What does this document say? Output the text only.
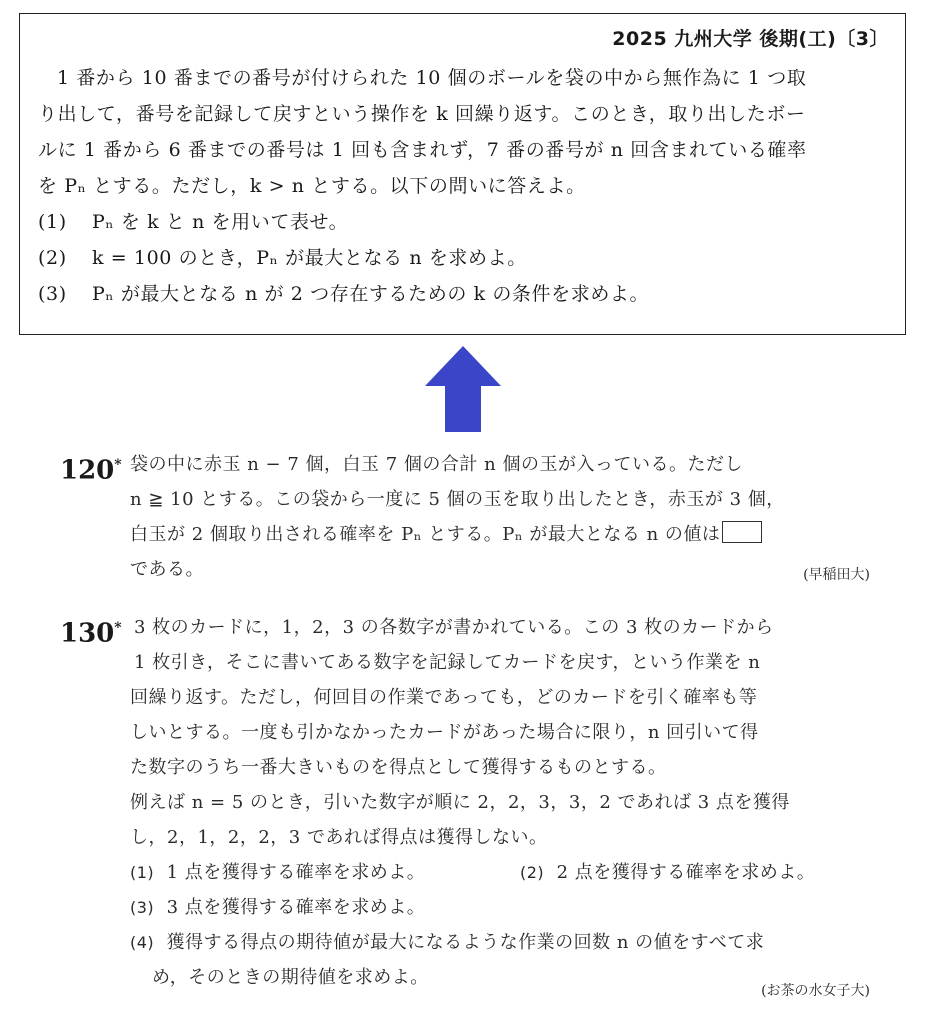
2025 九州大学 後期(工)〔3〕

1 番から 10 番までの番号が付けられた 10 個のボールを袋の中から無作為に 1 つ取

り出して，番号を記録して戻すという操作を k 回繰り返す。このとき，取り出したボー

ルに 1 番から 6 番までの番号は 1 回も含まれず，7 番の番号が n 回含まれている確率

を Pₙ とする。ただし，k > n とする。以下の問いに答えよ。

(1) Pₙ を k と n を用いて表せ。

(2) k = 100 のとき，Pₙ が最大となる n を求めよ。

(3) Pₙ が最大となる n が 2 つ存在するための k の条件を求めよ。

120* 袋の中に赤玉 n − 7 個，白玉 7 個の合計 n 個の玉が入っている。ただし

n ≧ 10 とする。この袋から一度に 5 個の玉を取り出したとき，赤玉が 3 個，

白玉が 2 個取り出される確率を Pₙ とする。Pₙ が最大となる n の値は

である。	(早稲田大)
130* 3 枚のカードに，1，2，3 の各数字が書かれている。この 3 枚のカードから

1 枚引き，そこに書いてある数字を記録してカードを戻す，という作業を n

回繰り返す。ただし，何回目の作業であっても，どのカードを引く確率も等

しいとする。一度も引かなかったカードがあった場合に限り，n 回引いて得

た数字のうち一番大きいものを得点として獲得するものとする。

例えば n = 5 のとき，引いた数字が順に 2，2，3，3，2 であれば 3 点を獲得

し，2，1，2，2，3 であれば得点は獲得しない。

(1) 1 点を獲得する確率を求めよ。	(2) 2 点を獲得する確率を求めよ。
(3) 3 点を獲得する確率を求めよ。
(4) 獲得する得点の期待値が最大になるような作業の回数 n の値をすべて求
め，そのときの期待値を求めよ。
(お茶の水女子大)
